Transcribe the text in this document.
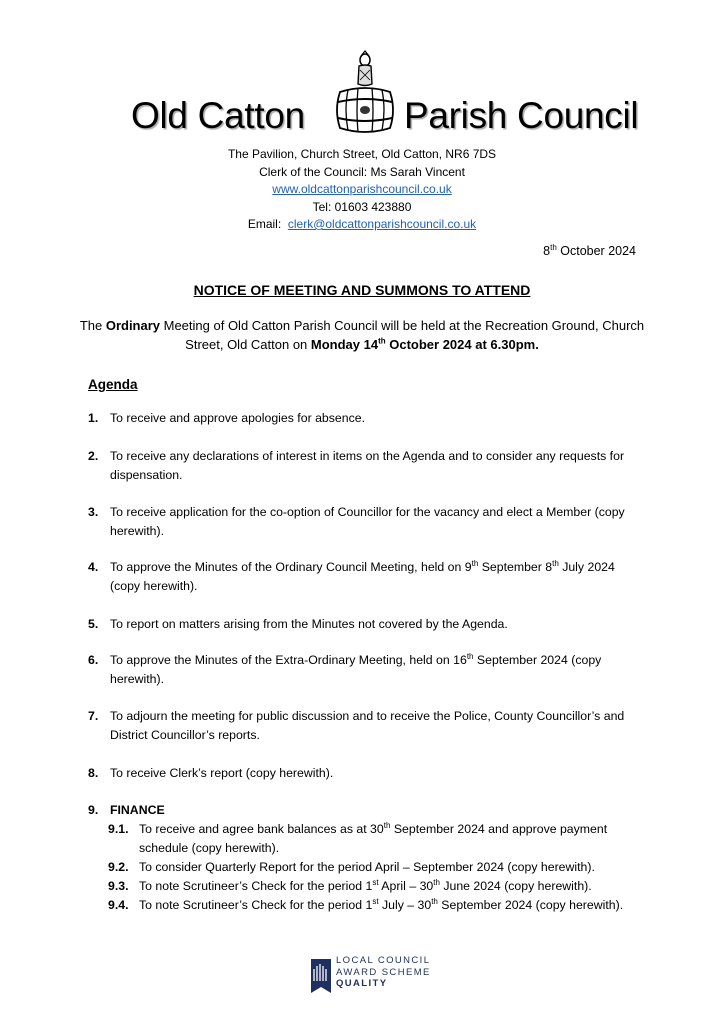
Old Catton	Parish Council
The Pavilion, Church Street, Old Catton, NR6 7DS
Clerk of the Council: Ms Sarah Vincent
www.oldcattonparishcouncil.co.uk
Tel: 01603 423880
Email: clerk@oldcattonparishcouncil.co.uk
8th October 2024
NOTICE OF MEETING AND SUMMONS TO ATTEND
The Ordinary Meeting of Old Catton Parish Council will be held at the Recreation Ground, Church Street, Old Catton on Monday 14th October 2024 at 6.30pm.
Agenda
1. To receive and approve apologies for absence.
2. To receive any declarations of interest in items on the Agenda and to consider any requests for dispensation.
3. To receive application for the co-option of Councillor for the vacancy and elect a Member (copy herewith).
4. To approve the Minutes of the Ordinary Council Meeting, held on 9th September 8th July 2024 (copy herewith).
5. To report on matters arising from the Minutes not covered by the Agenda.
6. To approve the Minutes of the Extra-Ordinary Meeting, held on 16th September 2024 (copy herewith).
7. To adjourn the meeting for public discussion and to receive the Police, County Councillor’s and District Councillor’s reports.
8. To receive Clerk’s report (copy herewith).
9. FINANCE
9.1. To receive and agree bank balances as at 30th September 2024 and approve payment schedule (copy herewith).
9.2. To consider Quarterly Report for the period April – September 2024 (copy herewith).
9.3. To note Scrutineer’s Check for the period 1st April – 30th June 2024 (copy herewith).
9.4. To note Scrutineer’s Check for the period 1st July – 30th September 2024 (copy herewith).
LOCAL COUNCIL
AWARD SCHEME
QUALITY
